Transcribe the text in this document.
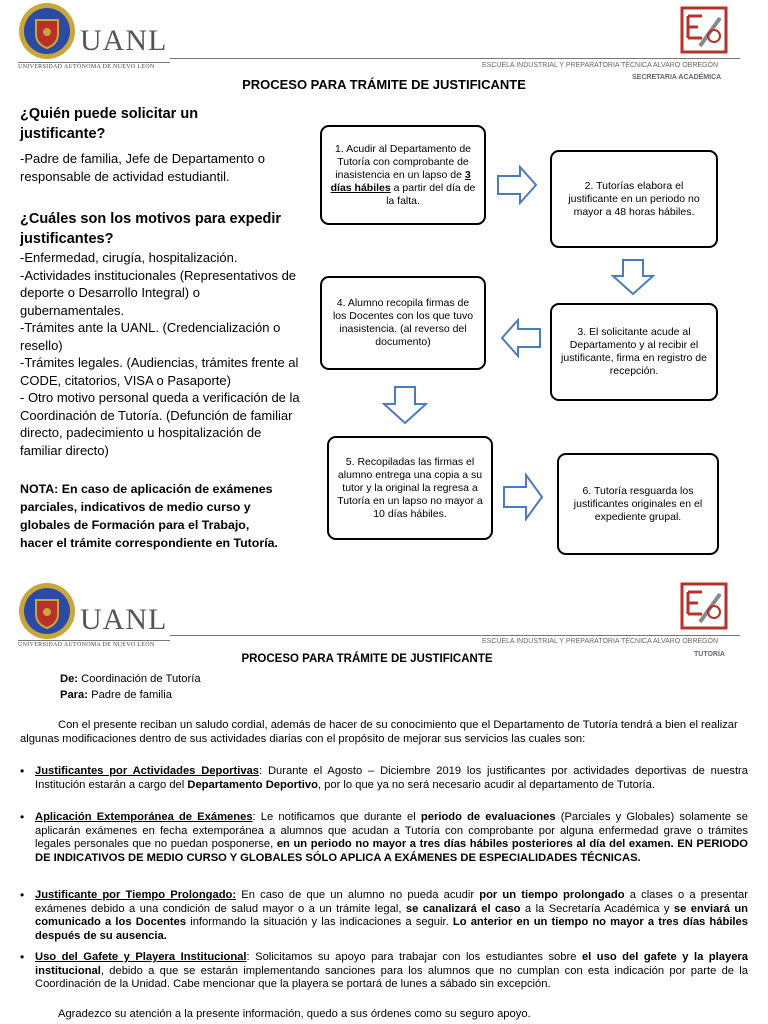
UANL
UNIVERSIDAD AUTÓNOMA DE NUEVO LEÓN	ESCUELA INDUSTRIAL Y PREPARATORIA TÉCNICA ALVARO OBREGÓN
SECRETARIA ACADÉMICA
PROCESO PARA TRÁMITE DE JUSTIFICANTE
¿Quién puede solicitar un justificante?
-Padre de familia, Jefe de Departamento o responsable de actividad estudiantil.
¿Cuáles son los motivos para expedir justificantes?
-Enfermedad, cirugía, hospitalización.
-Actividades institucionales (Representativos de deporte o Desarrollo Integral) o gubernamentales.
-Trámites ante la UANL. (Credencialización o resello)
-Trámites legales. (Audiencias, trámites frente al CODE, citatorios, VISA o Pasaporte)
- Otro motivo personal queda a verificación de la Coordinación de Tutoría. (Defunción de familiar directo, padecimiento u hospitalización de familiar directo)
NOTA: En caso de aplicación de exámenes parciales, indicativos de medio curso y globales de Formación para el Trabajo, hacer el trámite correspondiente en Tutoría.
1. Acudir al Departamento de Tutoría con comprobante de inasistencia en un lapso de 3 días hábiles a partir del día de la falta.
2. Tutorías elabora el justificante en un periodo no mayor a 48 horas hábiles.
3. El solicitante acude al Departamento y al recibir el justificante, firma en registro de recepción.
4. Alumno recopila firmas de los Docentes con los que tuvo inasistencia. (al reverso del documento)
5. Recopiladas las firmas el alumno entrega una copia a su tutor y la original la regresa a Tutoría en un lapso no mayor a 10 días hábiles.
6. Tutoría resguarda los justificantes originales en el expediente grupal.
UANL
UNIVERSIDAD AUTÓNOMA DE NUEVO LEÓN	ESCUELA INDUSTRIAL Y PREPARATORIA TÉCNICA ALVARO OBREGÓN
TUTORÍA
PROCESO PARA TRÁMITE DE JUSTIFICANTE
De: Coordinación de Tutoría
Para: Padre de familia
Con el presente reciban un saludo cordial, además de hacer de su conocimiento que el Departamento de Tutoría tendrá a bien el realizar algunas modificaciones dentro de sus actividades diarias con el propósito de mejorar sus servicios las cuales son:
• Justificantes por Actividades Deportivas: Durante el Agosto – Diciembre 2019 los justificantes por actividades deportivas de nuestra Institución estarán a cargo del Departamento Deportivo, por lo que ya no será necesario acudir al departamento de Tutoría.
• Aplicación Extemporánea de Exámenes: Le notificamos que durante el periodo de evaluaciones (Parciales y Globales) solamente se aplicarán exámenes en fecha extemporánea a alumnos que acudan a Tutoría con comprobante por alguna enfermedad grave o trámites legales personales que no puedan posponerse, en un periodo no mayor a tres días hábiles posteriores al día del examen. EN PERIODO DE INDICATIVOS DE MEDIO CURSO Y GLOBALES SÓLO APLICA A EXÁMENES DE ESPECIALIDADES TÉCNICAS.
• Justificante por Tiempo Prolongado: En caso de que un alumno no pueda acudir por un tiempo prolongado a clases o a presentar exámenes debido a una condición de salud mayor o a un trámite legal, se canalizará el caso a la Secretaría Académica y se enviará un comunicado a los Docentes informando la situación y las indicaciones a seguir. Lo anterior en un tiempo no mayor a tres días hábiles después de su ausencia.
• Uso del Gafete y Playera Institucional: Solicitamos su apoyo para trabajar con los estudiantes sobre el uso del gafete y la playera institucional, debido a que se estarán implementando sanciones para los alumnos que no cumplan con esta indicación por parte de la Coordinación de la Unidad. Cabe mencionar que la playera se portará de lunes a sábado sin excepción.
Agradezco su atención a la presente información, quedo a sus órdenes como su seguro apoyo.
